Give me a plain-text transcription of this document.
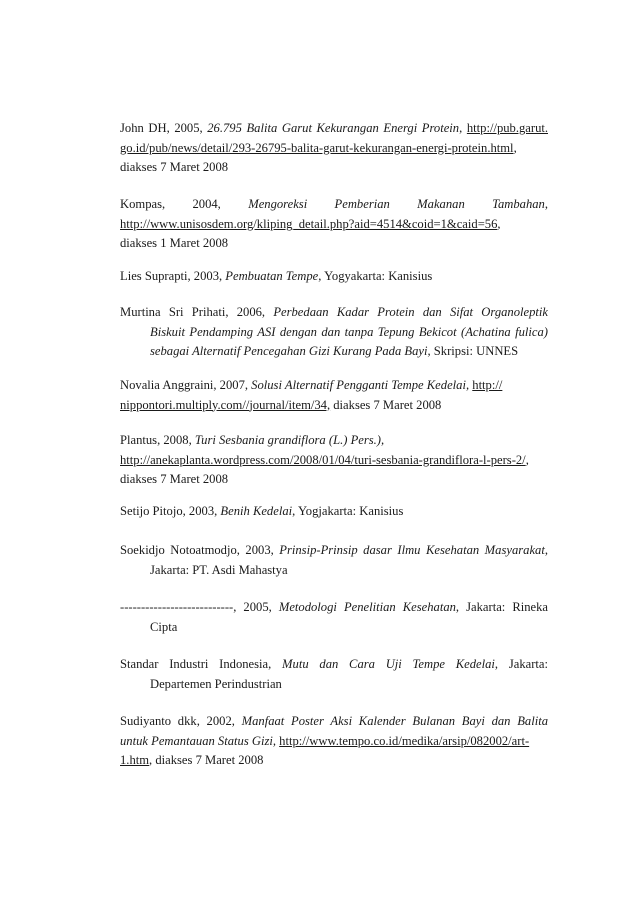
John DH, 2005, 26.795 Balita Garut Kekurangan Energi Protein, http://pub.garut.
go.id/pub/news/detail/293-26795-balita-garut-kekurangan-energi-protein.html,
diakses 7 Maret 2008
Kompas, 2004, Mengoreksi Pemberian Makanan Tambahan,
http://www.unisosdem.org/kliping_detail.php?aid=4514&coid=1&caid=56,
diakses 1 Maret 2008
Lies Suprapti, 2003, Pembuatan Tempe, Yogyakarta: Kanisius
Murtina Sri Prihati, 2006, Perbedaan Kadar Protein dan Sifat Organoleptik
Biskuit Pendamping ASI dengan dan tanpa Tepung Bekicot (Achatina fulica)
sebagai Alternatif Pencegahan Gizi Kurang Pada Bayi, Skripsi: UNNES
Novalia Anggraini, 2007, Solusi Alternatif Pengganti Tempe Kedelai, http://
nippontori.multiply.com//journal/item/34, diakses 7 Maret 2008
Plantus, 2008, Turi Sesbania grandiflora (L.) Pers.),
http://anekaplanta.wordpress.com/2008/01/04/turi-sesbania-grandiflora-l-pers-2/,
diakses 7 Maret 2008
Setijo Pitojo, 2003, Benih Kedelai, Yogjakarta: Kanisius
Soekidjo Notoatmodjo, 2003, Prinsip-Prinsip dasar Ilmu Kesehatan Masyarakat,
Jakarta: PT. Asdi Mahastya
---------------------------, 2005, Metodologi Penelitian Kesehatan, Jakarta: Rineka
Cipta
Standar Industri Indonesia, Mutu dan Cara Uji Tempe Kedelai, Jakarta:
Departemen Perindustrian
Sudiyanto dkk, 2002, Manfaat Poster Aksi Kalender Bulanan Bayi dan Balita
untuk Pemantauan Status Gizi, http://www.tempo.co.id/medika/arsip/082002/art-
1.htm, diakses 7 Maret 2008
